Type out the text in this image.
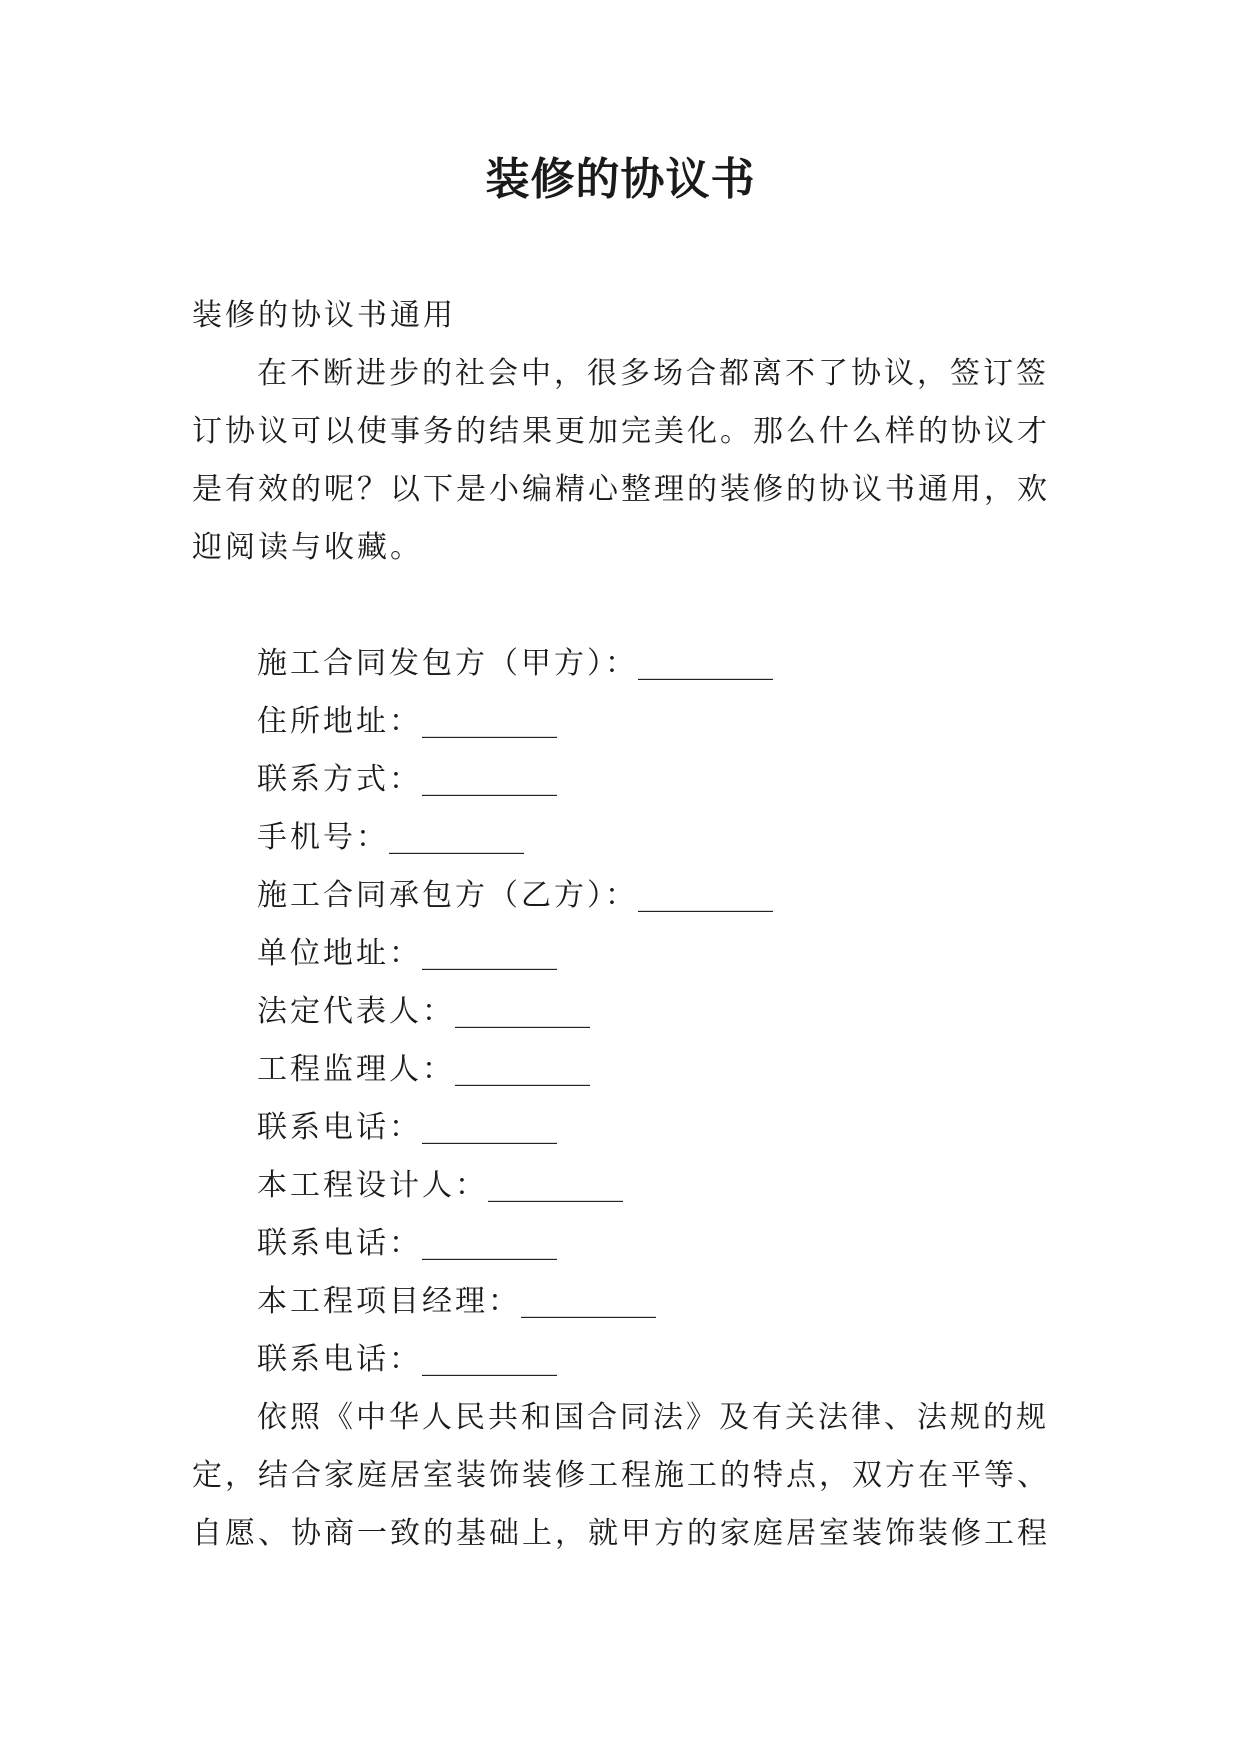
装修的协议书
装修的协议书通用
在不断进步的社会中，很多场合都离不了协议，签订签
订协议可以使事务的结果更加完美化。那么什么样的协议才
是有效的呢？以下是小编精心整理的装修的协议书通用，欢
迎阅读与收藏。
施工合同发包方（甲方）：_________
住所地址：_________
联系方式：_________
手机号：_________
施工合同承包方（乙方）：_________
单位地址：_________
法定代表人：_________
工程监理人：_________
联系电话：_________
本工程设计人：_________
联系电话：_________
本工程项目经理：_________
联系电话：_________
依照《中华人民共和国合同法》及有关法律、法规的规
定，结合家庭居室装饰装修工程施工的特点，双方在平等、
自愿、协商一致的基础上，就甲方的家庭居室装饰装修工程
